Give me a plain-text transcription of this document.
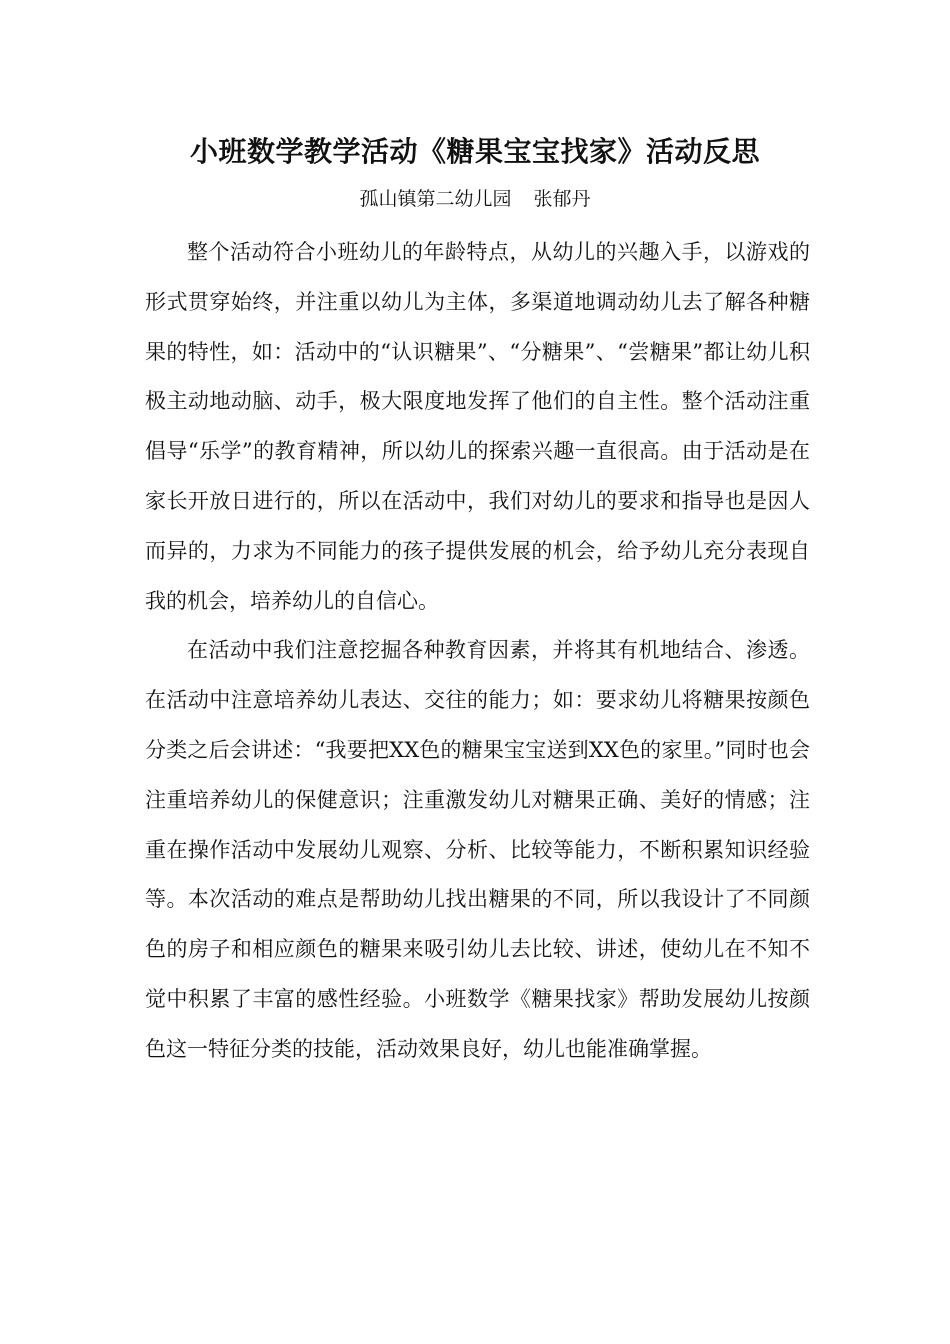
小班数学教学活动《糖果宝宝找家》活动反思

孤山镇第二幼儿园 张郁丹

整个活动符合小班幼儿的年龄特点，从幼儿的兴趣入手，以游戏的形式贯穿始终，并注重以幼儿为主体，多渠道地调动幼儿去了解各种糖果的特性，如：活动中的“认识糖果”、“分糖果”、“尝糖果”都让幼儿积极主动地动脑、动手，极大限度地发挥了他们的自主性。整个活动注重倡导“乐学”的教育精神，所以幼儿的探索兴趣一直很高。由于活动是在家长开放日进行的，所以在活动中，我们对幼儿的要求和指导也是因人而异的，力求为不同能力的孩子提供发展的机会，给予幼儿充分表现自我的机会，培养幼儿的自信心。

在活动中我们注意挖掘各种教育因素，并将其有机地结合、渗透。在活动中注意培养幼儿表达、交往的能力；如：要求幼儿将糖果按颜色分类之后会讲述：“我要把XX色的糖果宝宝送到XX色的家里。”同时也会注重培养幼儿的保健意识；注重激发幼儿对糖果正确、美好的情感；注重在操作活动中发展幼儿观察、分析、比较等能力，不断积累知识经验等。本次活动的难点是帮助幼儿找出糖果的不同，所以我设计了不同颜色的房子和相应颜色的糖果来吸引幼儿去比较、讲述，使幼儿在不知不觉中积累了丰富的感性经验。小班数学《糖果找家》帮助发展幼儿按颜色这一特征分类的技能，活动效果良好，幼儿也能准确掌握。
